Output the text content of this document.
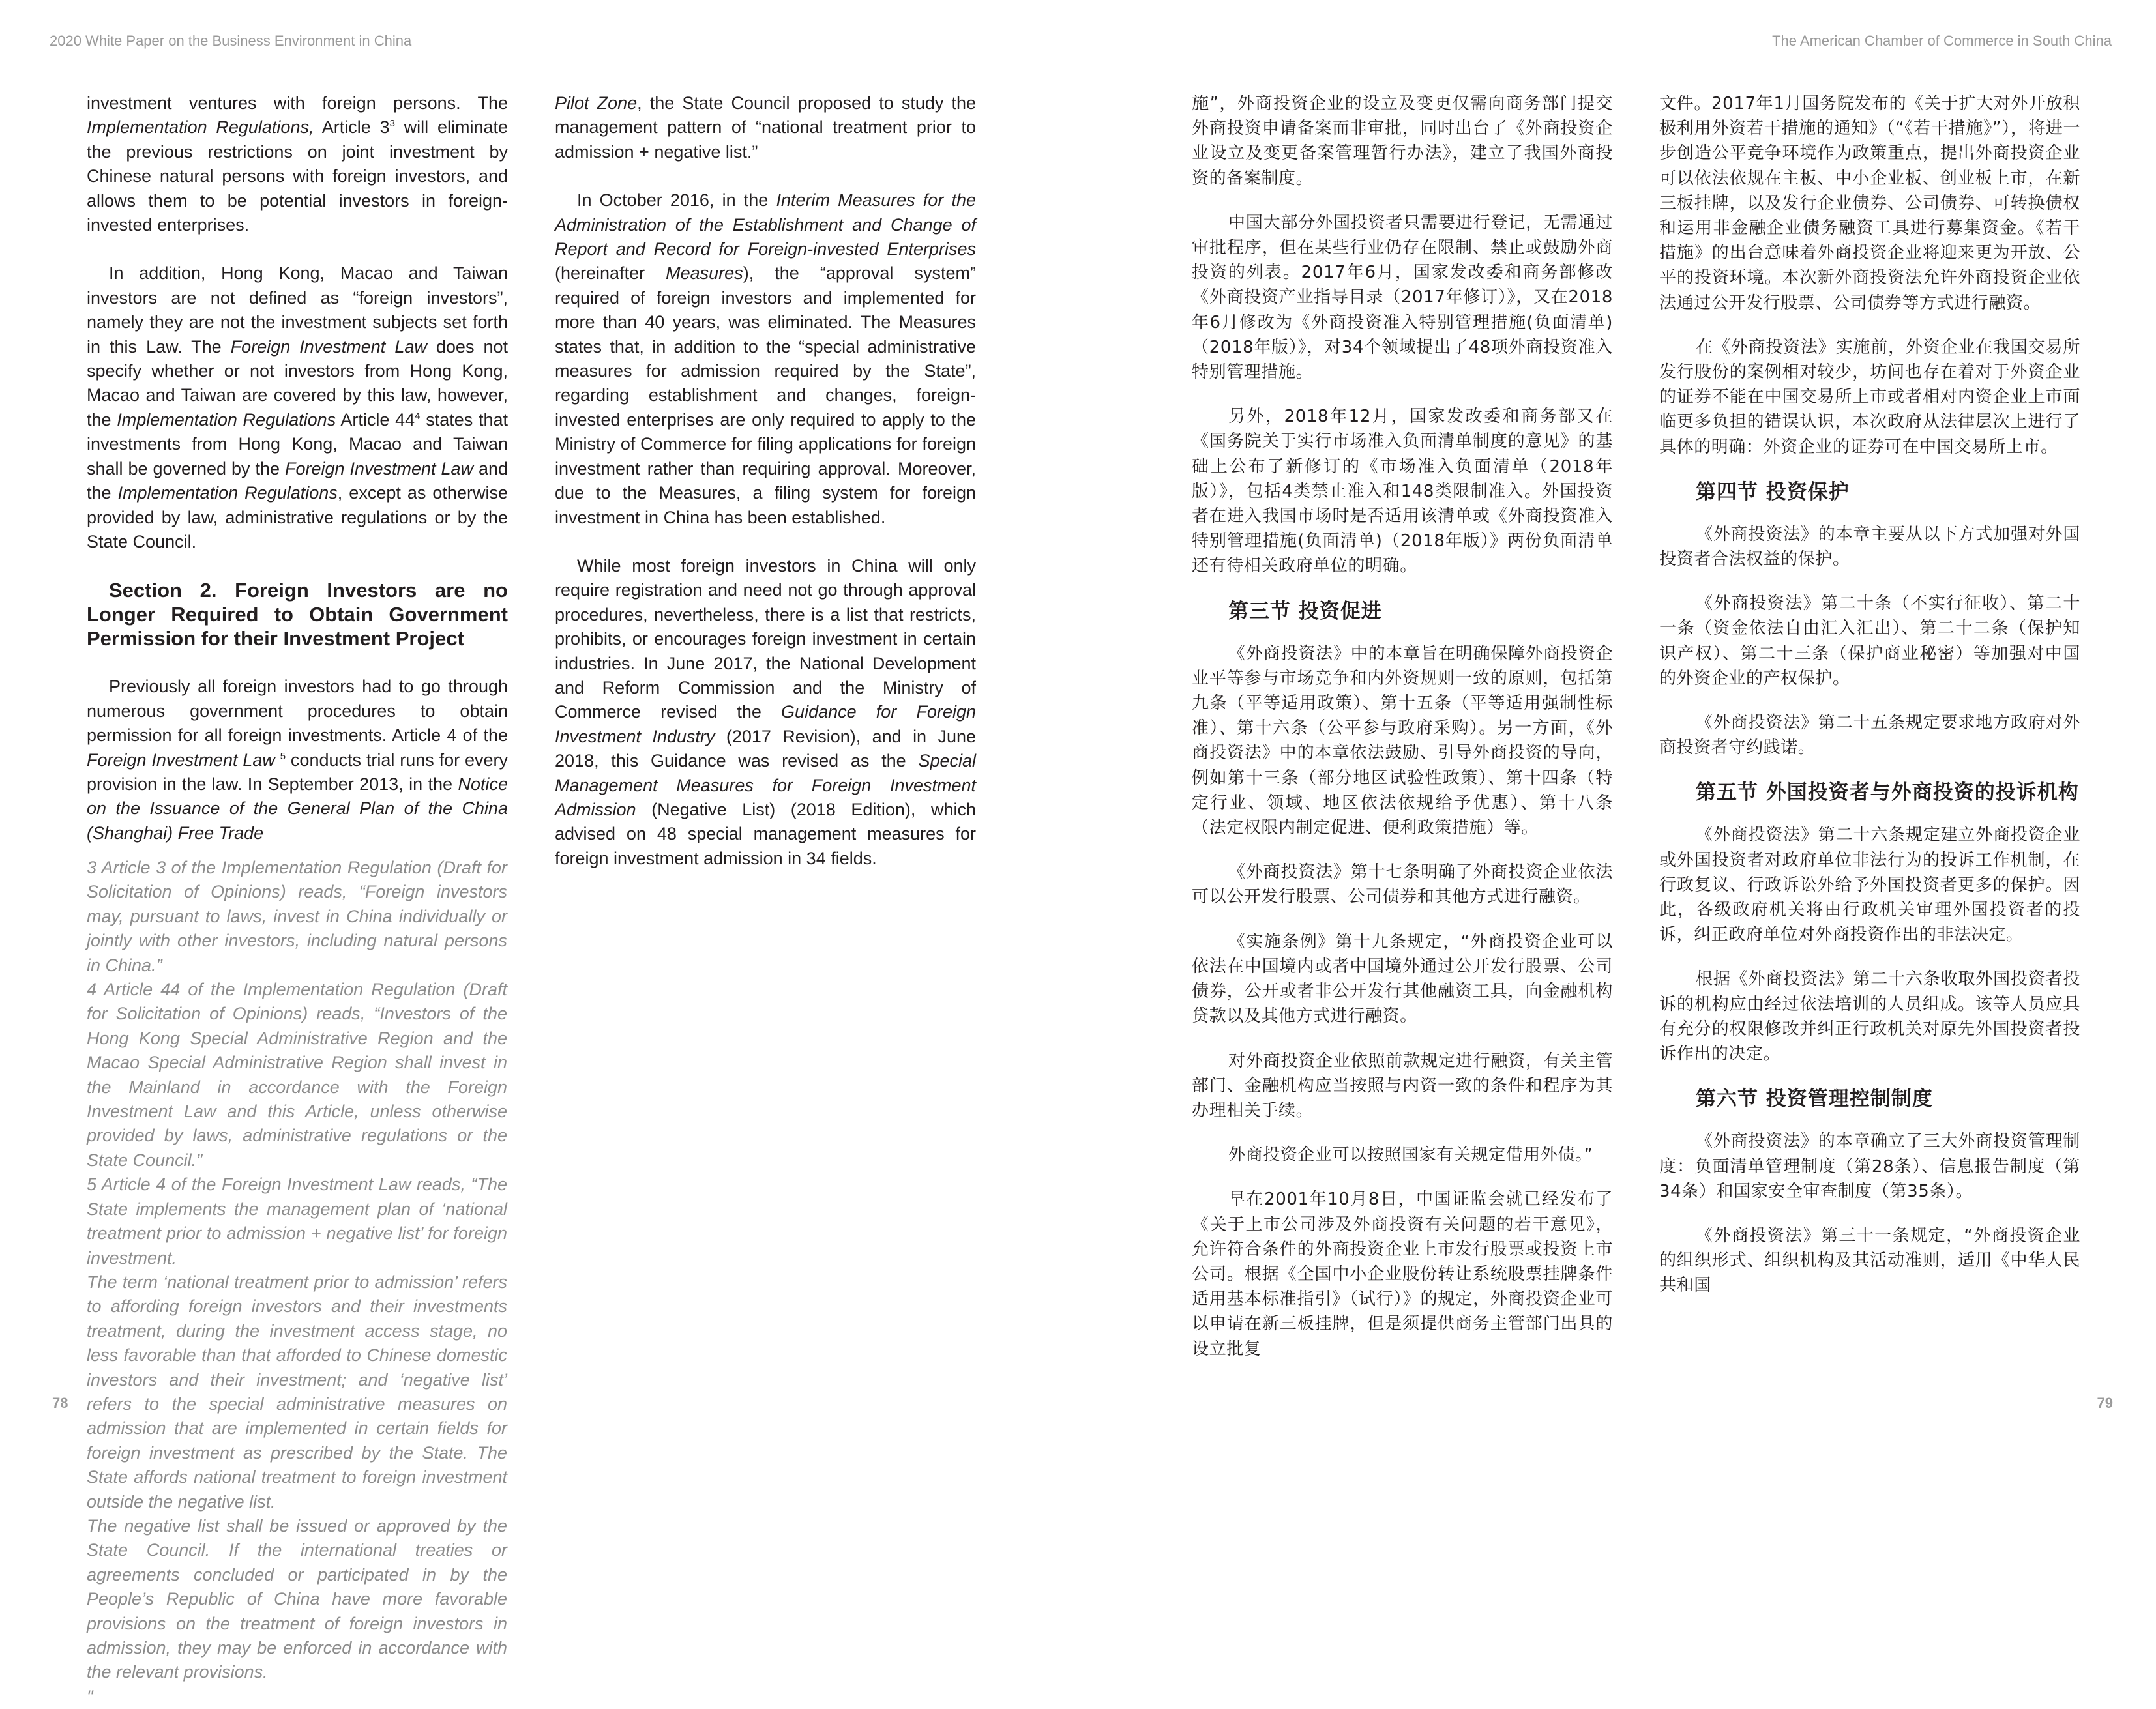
2020 White Paper on the Business Environment in China	The American Chamber of Commerce in South China

investment ventures with foreign persons. The Implementation Regulations, Article $3^3$ will eliminate the previous restrictions on joint investment by Chinese natural persons with foreign investors, and allows them to be potential investors in foreign-invested enterprises.

In addition, Hong Kong, Macao and Taiwan investors are not defined as “foreign investors”, namely they are not the investment subjects set forth in this Law. The Foreign Investment Law does not specify whether or not investors from Hong Kong, Macao and Taiwan are covered by this law, however, the Implementation Regulations Article $44^4$ states that investments from Hong Kong, Macao and Taiwan shall be governed by the Foreign Investment Law and the Implementation Regulations, except as otherwise provided by law, administrative regulations or by the State Council.

Section 2. Foreign Investors are no Longer Required to Obtain Government Permission for their Investment Project

Previously all foreign investors had to go through numerous government procedures to obtain permission for all foreign investments. Article 4 of the Foreign Investment Law $^5$ conducts trial runs for every provision in the law. In September 2013, in the Notice on the Issuance of the General Plan of the China (Shanghai) Free Trade

3 Article 3 of the Implementation Regulation (Draft for Solicitation of Opinions) reads, “Foreign investors may, pursuant to laws, invest in China individually or jointly with other investors, including natural persons in China.”

4 Article 44 of the Implementation Regulation (Draft for Solicitation of Opinions) reads, “Investors of the Hong Kong Special Administrative Region and the Macao Special Administrative Region shall invest in the Mainland in accordance with the Foreign Investment Law and this Article, unless otherwise provided by laws, administrative regulations or the State Council.”

5 Article 4 of the Foreign Investment Law reads, “The State implements the management plan of ‘national treatment prior to admission + negative list’ for foreign investment.

The term ‘national treatment prior to admission’ refers to affording foreign investors and their investments treatment, during the investment access stage, no less favorable than that afforded to Chinese domestic investors and their investment; and ‘negative list’ refers to the special administrative measures on admission that are implemented in certain fields for foreign investment as prescribed by the State. The State affords national treatment to foreign investment outside the negative list.

The negative list shall be issued or approved by the State Council. If the international treaties or agreements concluded or participated in by the People’s Republic of China have more favorable provisions on the treatment of foreign investors in admission, they may be enforced in accordance with the relevant provisions.

"

Pilot Zone, the State Council proposed to study the management pattern of “national treatment prior to admission + negative list.”

In October 2016, in the Interim Measures for the Administration of the Establishment and Change of Report and Record for Foreign-invested Enterprises (hereinafter Measures), the “approval system” required of foreign investors and implemented for more than 40 years, was eliminated. The Measures states that, in addition to the “special administrative measures for admission required by the State”, regarding establishment and changes, foreign-invested enterprises are only required to apply to the Ministry of Commerce for filing applications for foreign investment rather than requiring approval. Moreover, due to the Measures, a filing system for foreign investment in China has been established.

While most foreign investors in China will only require registration and need not go through approval procedures, nevertheless, there is a list that restricts, prohibits, or encourages foreign investment in certain industries. In June 2017, the National Development and Reform Commission and the Ministry of Commerce revised the Guidance for Foreign Investment Industry (2017 Revision), and in June 2018, this Guidance was revised as the Special Management Measures for Foreign Investment Admission (Negative List) (2018 Edition), which advised on 48 special management measures for foreign investment admission in 34 fields.

施”，外商投资企业的设立及变更仅需向商务部门提交外商投资申请备案而非审批，同时出台了《外商投资企业设立及变更备案管理暂行办法》，建立了我国外商投资的备案制度。

中国大部分外国投资者只需要进行登记，无需通过审批程序，但在某些行业仍存在限制、禁止或鼓励外商投资的列表。2017年6月，国家发改委和商务部修改《外商投资产业指导目录（2017年修订）》，又在2018年6月修改为《外商投资准入特别管理措施(负面清单)（2018年版）》，对34个领域提出了48项外商投资准入特别管理措施。

另外，2018年12月，国家发改委和商务部又在《国务院关于实行市场准入负面清单制度的意见》的基础上公布了新修订的《市场准入负面清单（2018年版）》，包括4类禁止准入和148类限制准入。外国投资者在进入我国市场时是否适用该清单或《外商投资准入特别管理措施(负面清单)（2018年版）》两份负面清单还有待相关政府单位的明确。

第三节 投资促进

《外商投资法》中的本章旨在明确保障外商投资企业平等参与市场竞争和内外资规则一致的原则，包括第九条（平等适用政策）、第十五条（平等适用强制性标准）、第十六条（公平参与政府采购）。另一方面，《外商投资法》中的本章依法鼓励、引导外商投资的导向，例如第十三条（部分地区试验性政策）、第十四条（特定行业、领域、地区依法依规给予优惠）、第十八条（法定权限内制定促进、便利政策措施）等。

《外商投资法》第十七条明确了外商投资企业依法可以公开发行股票、公司债券和其他方式进行融资。

《实施条例》第十九条规定，“外商投资企业可以依法在中国境内或者中国境外通过公开发行股票、公司债券，公开或者非公开发行其他融资工具，向金融机构贷款以及其他方式进行融资。

对外商投资企业依照前款规定进行融资，有关主管部门、金融机构应当按照与内资一致的条件和程序为其办理相关手续。

外商投资企业可以按照国家有关规定借用外债。”

早在2001年10月8日，中国证监会就已经发布了《关于上市公司涉及外商投资有关问题的若干意见》，允许符合条件的外商投资企业上市发行股票或投资上市公司。根据《全国中小企业股份转让系统股票挂牌条件适用基本标准指引》（试行）》的规定，外商投资企业可以申请在新三板挂牌，但是须提供商务主管部门出具的设立批复

文件。2017年1月国务院发布的《关于扩大对外开放积极利用外资若干措施的通知》（“《若干措施》”），将进一步创造公平竞争环境作为政策重点，提出外商投资企业可以依法依规在主板、中小企业板、创业板上市，在新三板挂牌，以及发行企业债券、公司债券、可转换债权和运用非金融企业债务融资工具进行募集资金。《若干措施》的出台意味着外商投资企业将迎来更为开放、公平的投资环境。本次新外商投资法允许外商投资企业依法通过公开发行股票、公司债券等方式进行融资。

在《外商投资法》实施前，外资企业在我国交易所发行股份的案例相对较少，坊间也存在着对于外资企业的证券不能在中国交易所上市或者相对内资企业上市面临更多负担的错误认识，本次政府从法律层次上进行了具体的明确：外资企业的证券可在中国交易所上市。

第四节 投资保护

《外商投资法》的本章主要从以下方式加强对外国投资者合法权益的保护。

《外商投资法》第二十条（不实行征收）、第二十一条（资金依法自由汇入汇出）、第二十二条（保护知识产权）、第二十三条（保护商业秘密）等加强对中国的外资企业的产权保护。

《外商投资法》第二十五条规定要求地方政府对外商投资者守约践诺。

第五节 外国投资者与外商投资的投诉机构

《外商投资法》第二十六条规定建立外商投资企业或外国投资者对政府单位非法行为的投诉工作机制，在行政复议、行政诉讼外给予外国投资者更多的保护。因此，各级政府机关将由行政机关审理外国投资者的投诉，纠正政府单位对外商投资作出的非法决定。

根据《外商投资法》第二十六条收取外国投资者投诉的机构应由经过依法培训的人员组成。该等人员应具有充分的权限修改并纠正行政机关对原先外国投资者投诉作出的决定。

第六节 投资管理控制制度

《外商投资法》的本章确立了三大外商投资管理制度：负面清单管理制度（第28条）、信息报告制度（第34条）和国家安全审查制度（第35条）。

《外商投资法》第三十一条规定，“外商投资企业的组织形式、组织机构及其活动准则，适用《中华人民共和国

78	79
